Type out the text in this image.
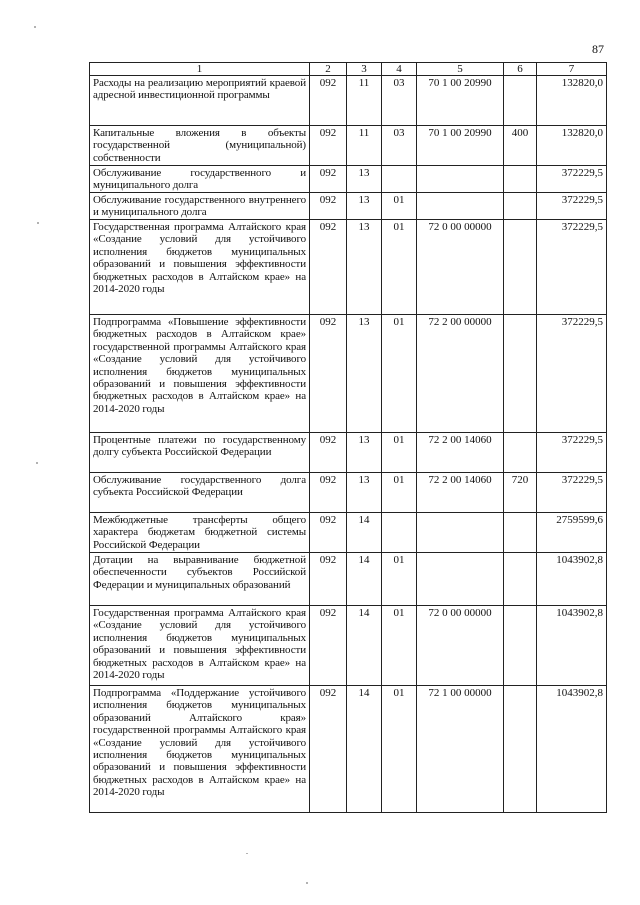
87
1	2	3	4	5	6	7
Расходы на реализацию мероприятий краевой адресной инвестиционной программы	092	11	03	70 1 00 20990		132820,0
Капитальные вложения в объекты государственной (муниципальной) собственности	092	11	03	70 1 00 20990	400	132820,0
Обслуживание государственного и муниципального долга	092	13				372229,5
Обслуживание государственного внутреннего и муниципального долга	092	13	01			372229,5
Государственная программа Алтайского края «Создание условий для устойчивого исполнения бюджетов муниципальных образований и повышения эффективности бюджетных расходов в Алтайском крае» на 2014-2020 годы	092	13	01	72 0 00 00000		372229,5
Подпрограмма «Повышение эффективности бюджетных расходов в Алтайском крае» государственной программы Алтайского края «Создание условий для устойчивого исполнения бюджетов муниципальных образований и повышения эффективности бюджетных расходов в Алтайском крае» на 2014-2020 годы	092	13	01	72 2 00 00000		372229,5
Процентные платежи по государственному долгу субъекта Российской Федерации	092	13	01	72 2 00 14060		372229,5
Обслуживание государственного долга субъекта Российской Федерации	092	13	01	72 2 00 14060	720	372229,5
Межбюджетные трансферты общего характера бюджетам бюджетной системы Российской Федерации	092	14				2759599,6
Дотации на выравнивание бюджетной обеспеченности субъектов Российской Федерации и муниципальных образований	092	14	01			1043902,8
Государственная программа Алтайского края «Создание условий для устойчивого исполнения бюджетов муниципальных образований и повышения эффективности бюджетных расходов в Алтайском крае» на 2014-2020 годы	092	14	01	72 0 00 00000		1043902,8
Подпрограмма «Поддержание устойчивого исполнения бюджетов муниципальных образований Алтайского края» государственной программы Алтайского края «Создание условий для устойчивого исполнения бюджетов муниципальных образований и повышения эффективности бюджетных расходов в Алтайском крае» на 2014-2020 годы	092	14	01	72 1 00 00000		1043902,8
